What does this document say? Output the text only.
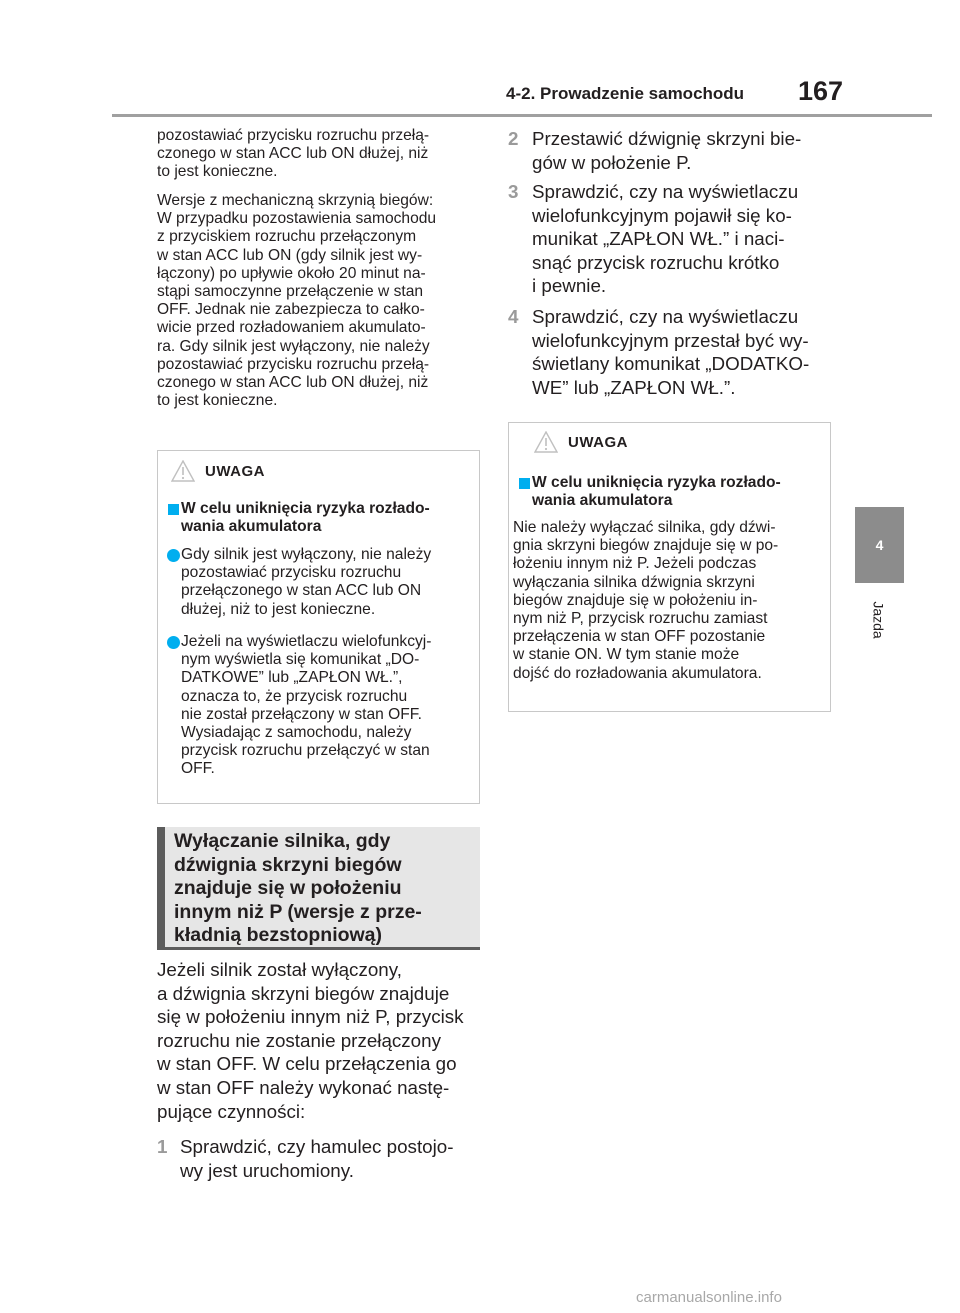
4-2. Prowadzenie samochodu 167
4
Jazda
pozostawiać przycisku rozruchu przełą-
czonego w stan ACC lub ON dłużej, niż
to jest konieczne.
Wersje z mechaniczną skrzynią biegów:
W przypadku pozostawienia samochodu
z przyciskiem rozruchu przełączonym
w stan ACC lub ON (gdy silnik jest wy-
łączony) po upływie około 20 minut na-
stąpi samoczynne przełączenie w stan
OFF. Jednak nie zabezpiecza to całko-
wicie przed rozładowaniem akumulato-
ra. Gdy silnik jest wyłączony, nie należy
pozostawiać przycisku rozruchu przełą-
czonego w stan ACC lub ON dłużej, niż
to jest konieczne.
UWAGA
W celu uniknięcia ryzyka rozłado-
wania akumulatora
Gdy silnik jest wyłączony, nie należy
pozostawiać przycisku rozruchu
przełączonego w stan ACC lub ON
dłużej, niż to jest konieczne.
Jeżeli na wyświetlaczu wielofunkcyj-
nym wyświetla się komunikat „DO-
DATKOWE” lub „ZAPŁON WŁ.”,
oznacza to, że przycisk rozruchu
nie został przełączony w stan OFF.
Wysiadając z samochodu, należy
przycisk rozruchu przełączyć w stan
OFF.
Wyłączanie silnika, gdy
dźwignia skrzyni biegów
znajduje się w położeniu
innym niż P (wersje z prze-
kładnią bezstopniową)
Jeżeli silnik został wyłączony,
a dźwignia skrzyni biegów znajduje
się w położeniu innym niż P, przycisk
rozruchu nie zostanie przełączony
w stan OFF. W celu przełączenia go
w stan OFF należy wykonać nastę-
pujące czynności:
1 Sprawdzić, czy hamulec postojo-
wy jest uruchomiony.
2 Przestawić dźwignię skrzyni bie-
gów w położenie P.
3 Sprawdzić, czy na wyświetlaczu
wielofunkcyjnym pojawił się ko-
munikat „ZAPŁON WŁ.” i naci-
snąć przycisk rozruchu krótko
i pewnie.
4 Sprawdzić, czy na wyświetlaczu
wielofunkcyjnym przestał być wy-
świetlany komunikat „DODATKO-
WE” lub „ZAPŁON WŁ.”.
UWAGA
W celu uniknięcia ryzyka rozłado-
wania akumulatora
Nie należy wyłączać silnika, gdy dźwi-
gnia skrzyni biegów znajduje się w po-
łożeniu innym niż P. Jeżeli podczas
wyłączania silnika dźwignia skrzyni
biegów znajduje się w położeniu in-
nym niż P, przycisk rozruchu zamiast
przełączenia w stan OFF pozostanie
w stanie ON. W tym stanie może
dojść do rozładowania akumulatora.
carmanualsonline.info
